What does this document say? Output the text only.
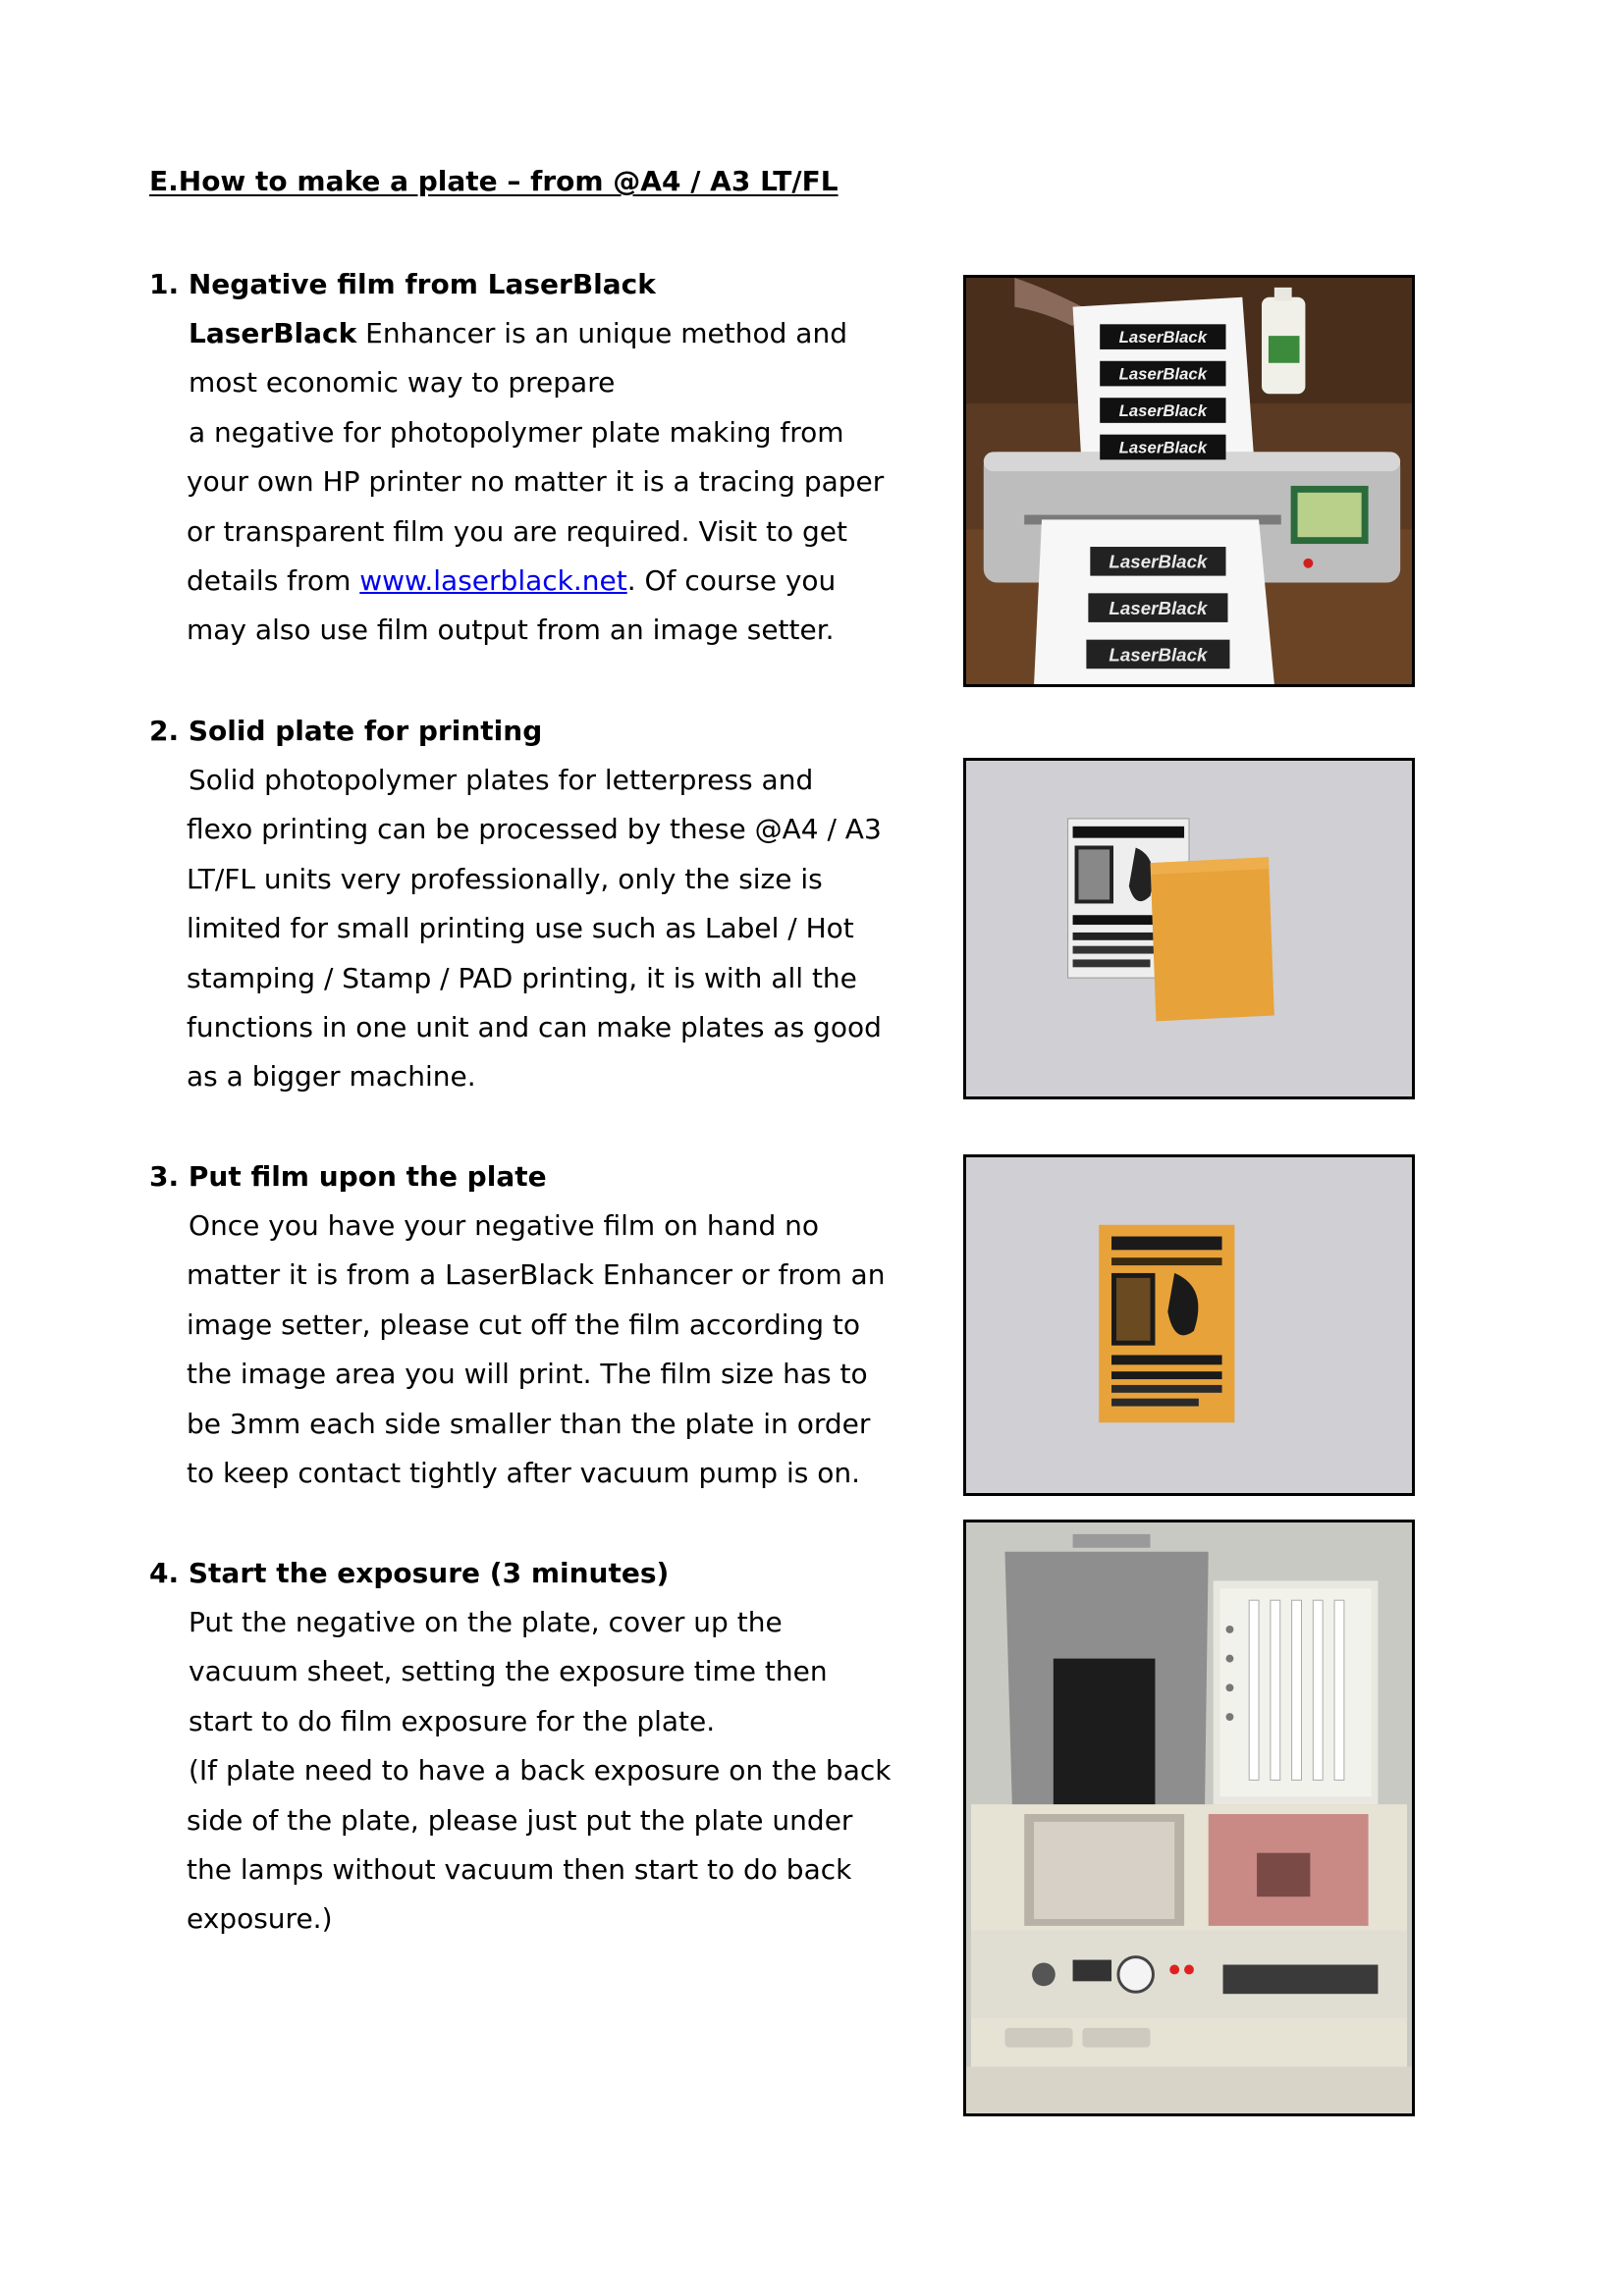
E.How to make a plate – from @A4 / A3 LT/FL
1. Negative film from LaserBlack

LaserBlack Enhancer is an unique method and
most economic way to prepare
a negative for photopolymer plate making from
your own HP printer no matter it is a tracing paper
or transparent film you are required. Visit to get
details from www.laserblack.net. Of course you
may also use film output from an image setter.

2. Solid plate for printing

Solid photopolymer plates for letterpress and
flexo printing can be processed by these @A4 / A3
LT/FL units very professionally, only the size is
limited for small printing use such as Label / Hot
stamping / Stamp / PAD printing, it is with all the
functions in one unit and can make plates as good
as a bigger machine.

3. Put film upon the plate

Once you have your negative film on hand no
matter it is from a LaserBlack Enhancer or from an
image setter, please cut off the film according to
the image area you will print. The film size has to
be 3mm each side smaller than the plate in order
to keep contact tightly after vacuum pump is on.

4. Start the exposure (3 minutes)

Put the negative on the plate, cover up the
vacuum sheet, setting the exposure time then
start to do film exposure for the plate.
(If plate need to have a back exposure on the back
side of the plate, please just put the plate under
the lamps without vacuum then start to do back
exposure.)

LaserBlack
LaserBlack
LaserBlack
LaserBlack
LaserBlack
LaserBlack
LaserBlack
